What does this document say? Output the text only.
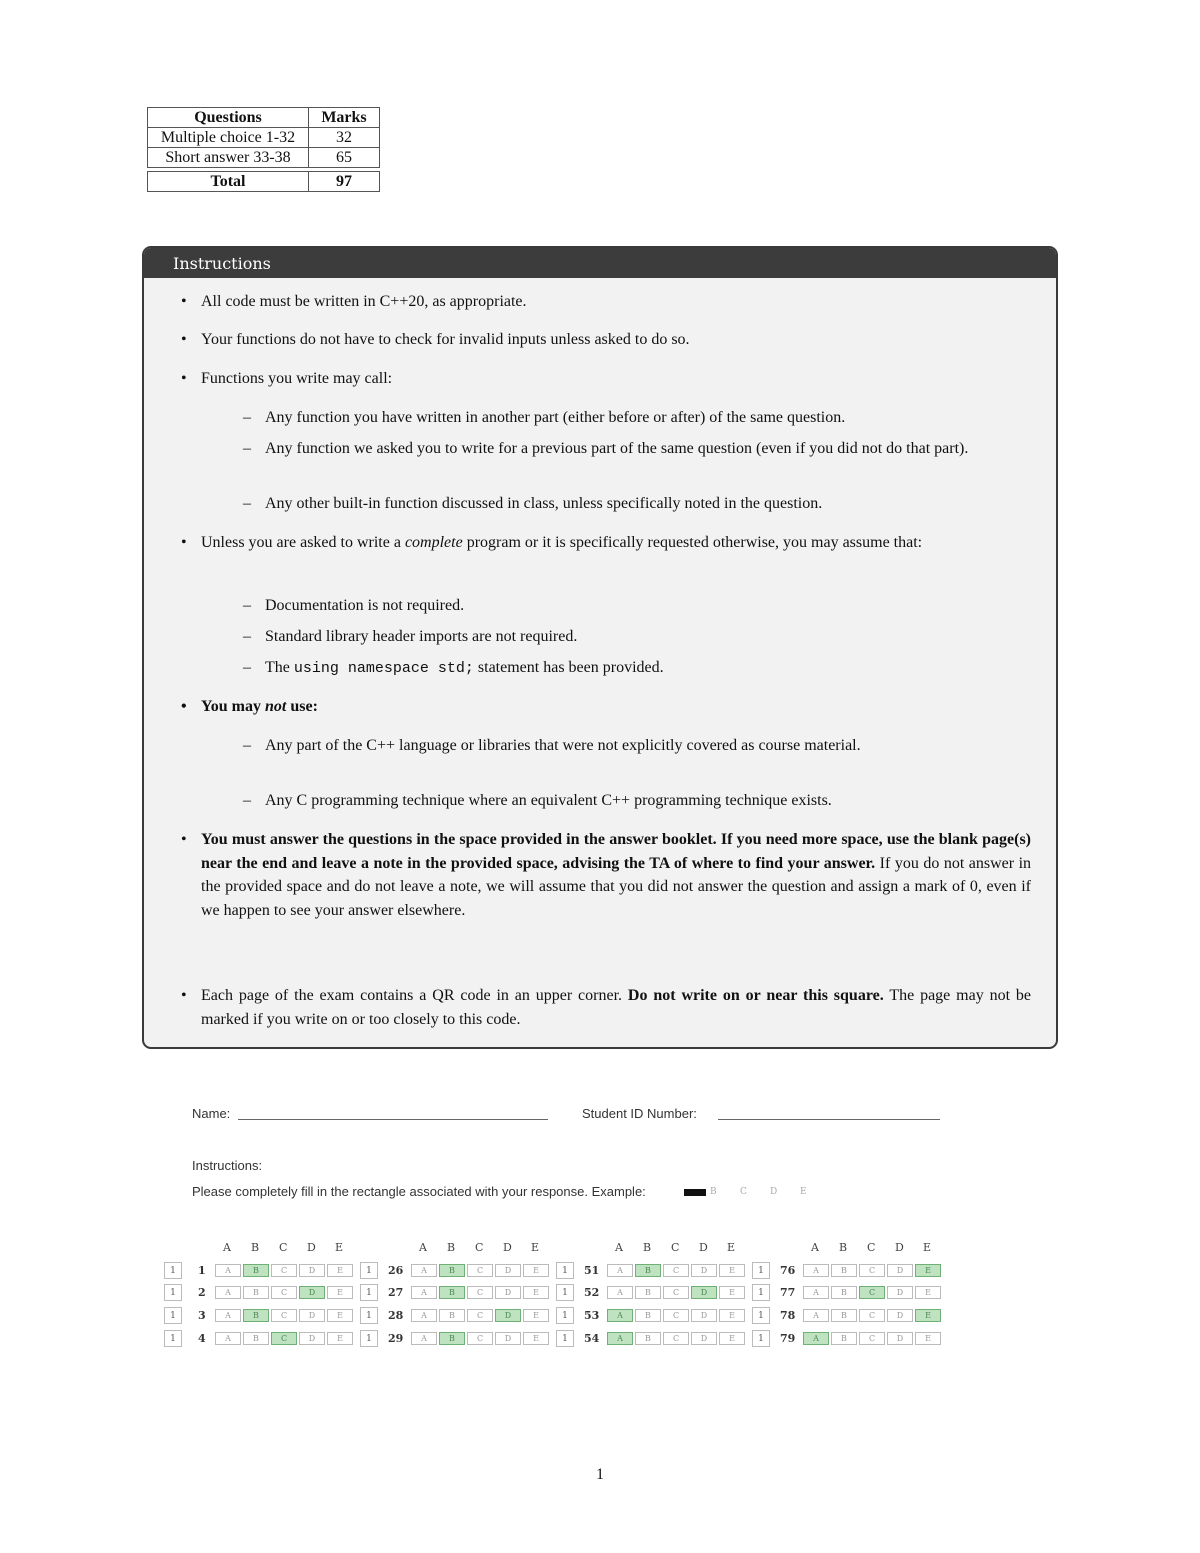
Questions	Marks
Multiple choice 1-32	32
Short answer 33-38	65

Total	97
Instructions
• All code must be written in C++20, as appropriate.
• Your functions do not have to check for invalid inputs unless asked to do so.
• Functions you write may call:
– Any function you have written in another part (either before or after) of the same question.
– Any function we asked you to write for a previous part of the same question (even if you did not do that part).
– Any other built-in function discussed in class, unless specifically noted in the question.
• Unless you are asked to write a complete program or it is specifically requested otherwise, you may assume that:
– Documentation is not required.
– Standard library header imports are not required.
– The using namespace std; statement has been provided.
• You may not use:
– Any part of the C++ language or libraries that were not explicitly covered as course material.
– Any C programming technique where an equivalent C++ programming technique exists.
• You must answer the questions in the space provided in the answer booklet. If you need more space, use the blank page(s) near the end and leave a note in the provided space, advising the TA of where to find your answer. If you do not answer in the provided space and do not leave a note, we will assume that you did not answer the question and assign a mark of 0, even if we happen to see your answer elsewhere.
• Each page of the exam contains a QR code in an upper corner. Do not write on or near this square. The page may not be marked if you write on or too closely to this code.
Name:	Student ID Number:
Instructions:
Please completely fill in the rectangle associated with your response. Example:	B C D E
A B C D E	A B C D E	A B C D E	A B C D E
1	1	A	B	C	D	E
1	2	A	B	C	D	E
1	3	A	B	C	D	E
1	4	A	B	C	D	E
1	26	A	B	C	D	E
1	27	A	B	C	D	E
1	28	A	B	C	D	E
1	29	A	B	C	D	E
1	51	A	B	C	D	E
1	52	A	B	C	D	E
1	53	A	B	C	D	E
1	54	A	B	C	D	E
1	76	A	B	C	D	E
1	77	A	B	C	D	E
1	78	A	B	C	D	E
1	79	A	B	C	D	E
1
